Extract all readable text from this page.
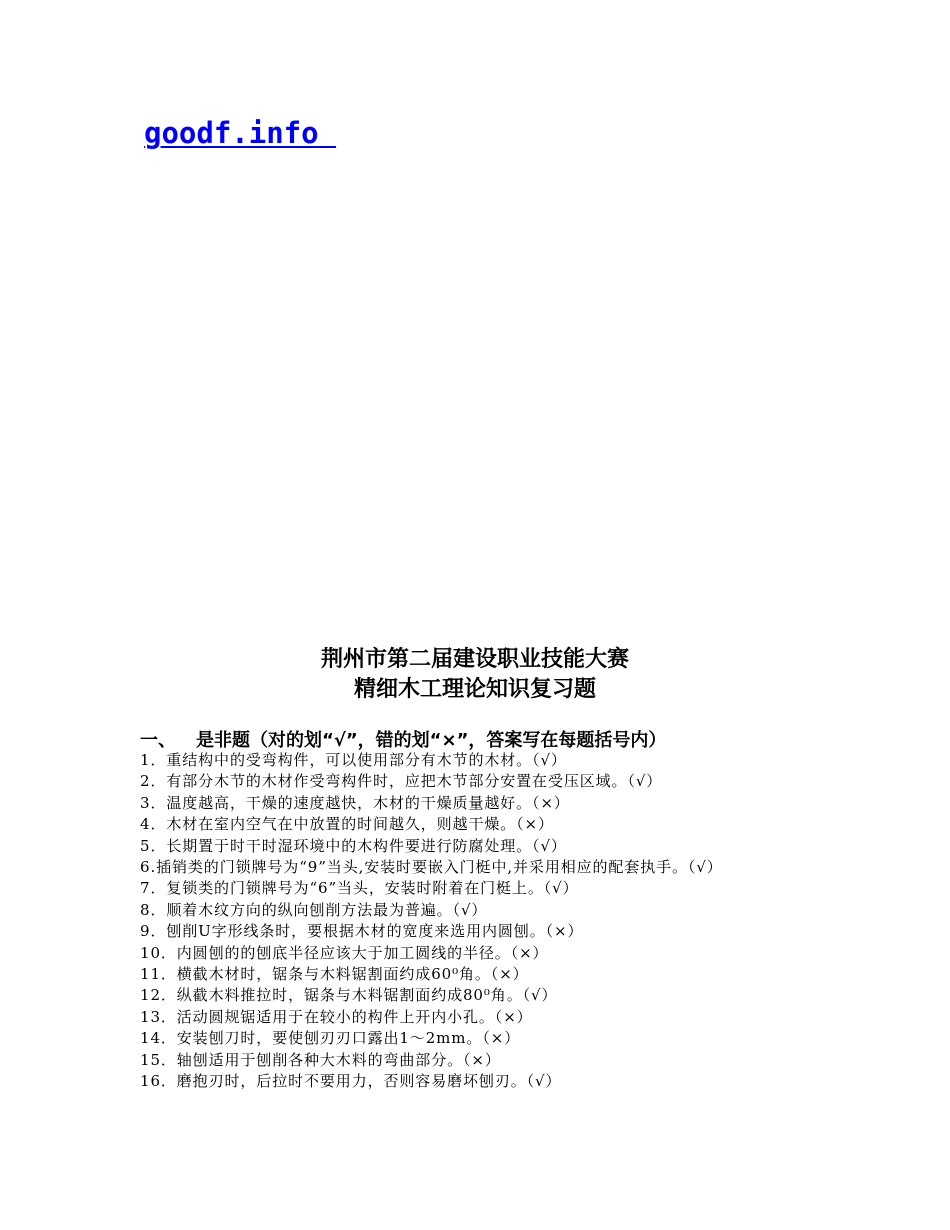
goodf.info
荆州市第二届建设职业技能大赛
精细木工理论知识复习题
一、 是非题（对的划“√”，错的划“×”，答案写在每题括号内）
1．重结构中的受弯构件，可以使用部分有木节的木材。（√）
2．有部分木节的木材作受弯构件时，应把木节部分安置在受压区域。（√）
3．温度越高，干燥的速度越快，木材的干燥质量越好。（×）
4．木材在室内空气在中放置的时间越久，则越干燥。（×）
5．长期置于时干时湿环境中的木构件要进行防腐处理。（√）
6.插销类的门锁牌号为“9”当头,安装时要嵌入门梃中,并采用相应的配套执手。（√）
7．复锁类的门锁牌号为“6”当头，安装时附着在门梃上。（√）
8．顺着木纹方向的纵向刨削方法最为普遍。（√）
9．刨削U字形线条时，要根据木材的宽度来选用内圆刨。（×）
10．内圆刨的的刨底半径应该大于加工圆线的半径。（×）
11．横截木材时，锯条与木料锯割面约成60⁰角。（×）
12．纵截木料推拉时，锯条与木料锯割面约成80⁰角。（√）
13．活动圆规锯适用于在较小的构件上开内小孔。（×）
14．安装刨刀时，要使刨刃刃口露出1～2mm。（×）
15．轴刨适用于刨削各种大木料的弯曲部分。（×）
16．磨抱刃时，后拉时不要用力，否则容易磨坏刨刃。（√）
